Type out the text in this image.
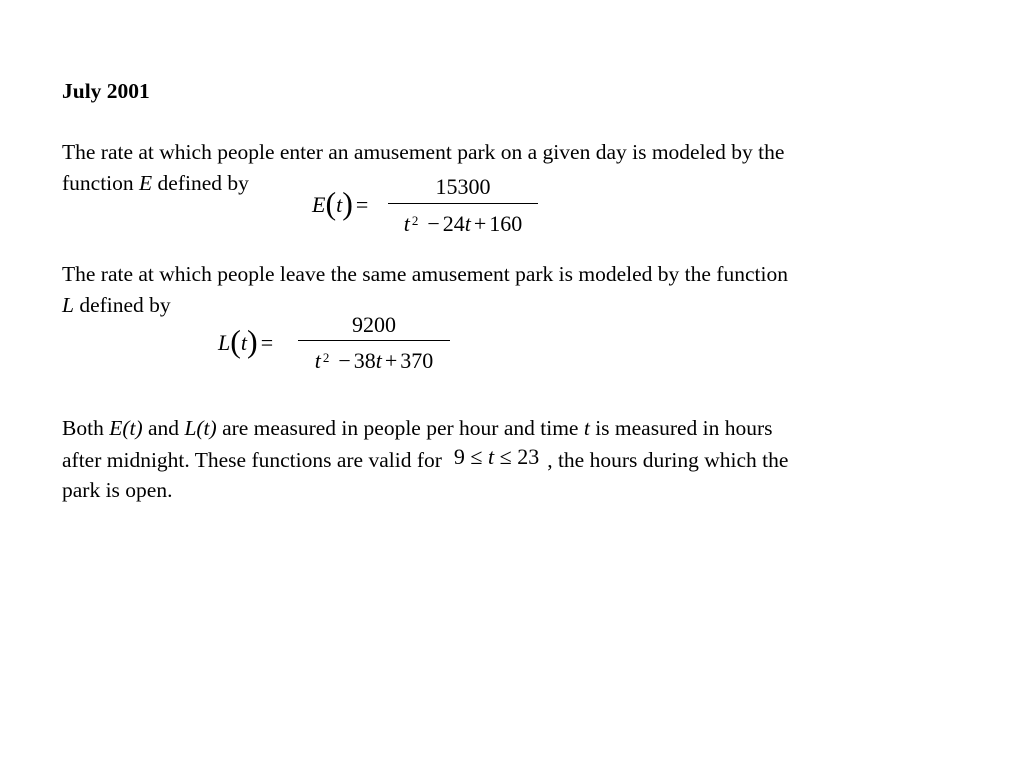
July 2001
The rate at which people enter an amusement park on a given day is modeled by the
function E defined by
E(t) =
15300
t $^2$ − 24t + 160
The rate at which people leave the same amusement park is modeled by the function
L defined by
L(t) =
9200
t $^2$ − 38t + 370
Both E(t) and L(t) are measured in people per hour and time t is measured in hours
after midnight. These functions are valid for 9 ≤ t ≤ 23 , the hours during which the
park is open.
